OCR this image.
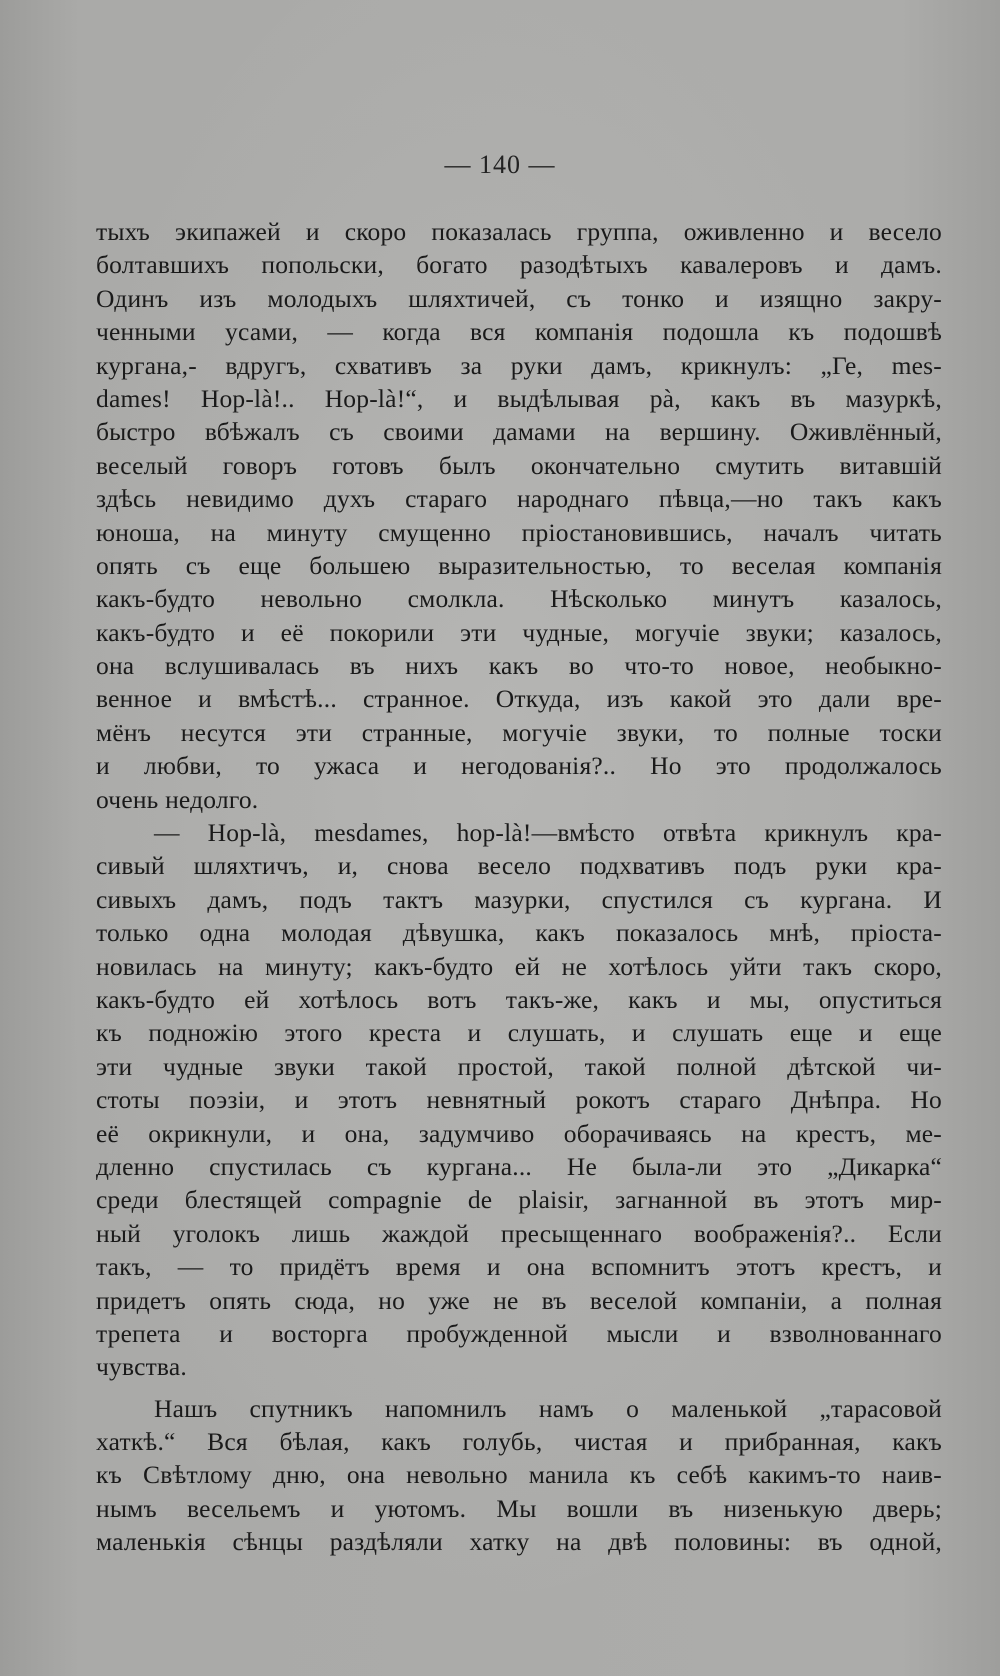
— 140 —
тыхъ экипажей и скоро показалась группа, оживленно и весело
болтавшихъ попольски, богато разодѣтыхъ кавалеровъ и дамъ.
Одинъ изъ молодыхъ шляхтичей, съ тонко и изящно закру-
ченными усами, — когда вся компанія подошла къ подошвѣ
кургана,- вдругъ, схвативъ за руки дамъ, крикнулъ: „Ге, mes-
dames! Hop-là!.. Hop-là!“, и выдѣлывая pà, какъ въ мазуркѣ,
быстро вбѣжалъ съ своими дамами на вершину. Оживлённый,
веселый говоръ готовъ былъ окончательно смутить витавшій
здѣсь невидимо духъ стараго народнаго пѣвца,—но такъ какъ
юноша, на минуту смущенно пріостановившись, началъ читать
опять съ еще большею выразительностью, то веселая компанія
какъ-будто невольно смолкла. Нѣсколько минутъ казалось,
какъ-будто и её покорили эти чудные, могучіе звуки; казалось,
она вслушивалась въ нихъ какъ во что-то новое, необыкно-
венное и вмѣстѣ... странное. Откуда, изъ какой это дали вре-
мёнъ несутся эти странные, могучіе звуки, то полные тоски
и любви, то ужаса и негодованія?.. Но это продолжалось
очень недолго.
— Hop-là, mesdames, hop-là!—вмѣсто отвѣта крикнулъ кра-
сивый шляхтичъ, и, снова весело подхвативъ подъ руки кра-
сивыхъ дамъ, подъ тактъ мазурки, спустился съ кургана. И
только одна молодая дѣвушка, какъ показалось мнѣ, пріоста-
новилась на минуту; какъ-будто ей не хотѣлось уйти такъ скоро,
какъ-будто ей хотѣлось вотъ такъ-же, какъ и мы, опуститься
къ подножію этого креста и слушать, и слушать еще и еще
эти чудные звуки такой простой, такой полной дѣтской чи-
стоты поэзіи, и этотъ невнятный рокотъ стараго Днѣпра. Но
её окрикнули, и она, задумчиво оборачиваясь на крестъ, ме-
дленно спустилась съ кургана... Не была-ли это „Дикарка“
среди блестящей compagnie de plaisir, загнанной въ этотъ мир-
ный уголокъ лишь жаждой пресыщеннаго воображенія?.. Если
такъ, — то придётъ время и она вспомнитъ этотъ крестъ, и
придетъ опять сюда, но уже не въ веселой компаніи, а полная
трепета и восторга пробужденной мысли и взволнованнаго
чувства.
Нашъ спутникъ напомнилъ намъ о маленькой „тарасовой
хаткѣ.“ Вся бѣлая, какъ голубь, чистая и прибранная, какъ
къ Свѣтлому дню, она невольно манила къ себѣ какимъ-то наив-
нымъ весельемъ и уютомъ. Мы вошли въ низенькую дверь;
маленькія сѣнцы раздѣляли хатку на двѣ половины: въ одной,
